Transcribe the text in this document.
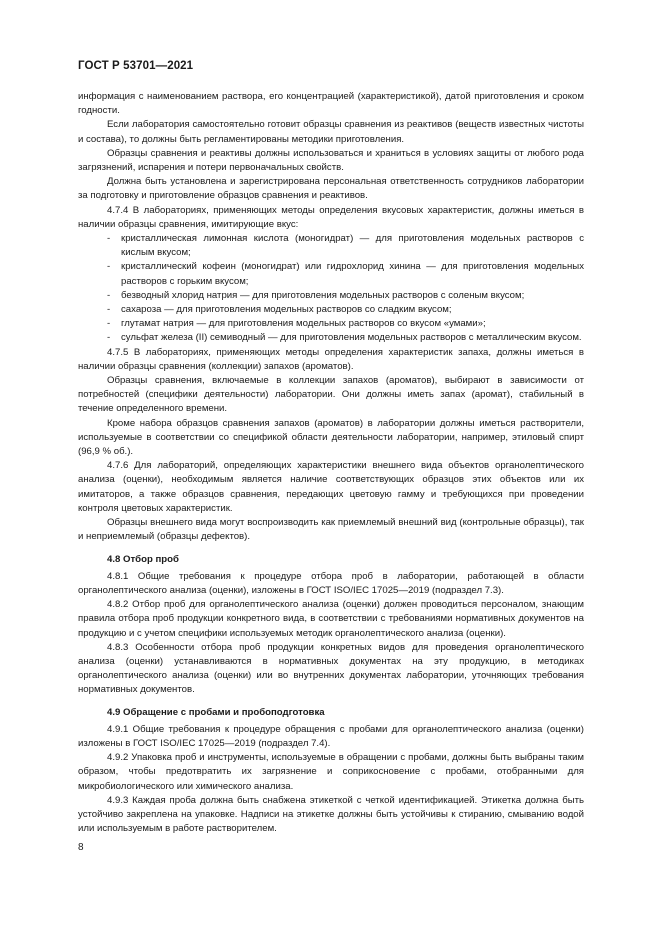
ГОСТ Р 53701—2021

информация с наименованием раствора, его концентрацией (характеристикой), датой приготовления и сроком годности.

Если лаборатория самостоятельно готовит образцы сравнения из реактивов (веществ известных чистоты и состава), то должны быть регламентированы методики приготовления.

Образцы сравнения и реактивы должны использоваться и храниться в условиях защиты от любого рода загрязнений, испарения и потери первоначальных свойств.

Должна быть установлена и зарегистрирована персональная ответственность сотрудников лаборатории за подготовку и приготовление образцов сравнения и реактивов.

4.7.4 В лабораториях, применяющих методы определения вкусовых характеристик, должны иметься в наличии образцы сравнения, имитирующие вкус:

- кристаллическая лимонная кислота (моногидрат) — для приготовления модельных растворов с кислым вкусом;

- кристаллический кофеин (моногидрат) или гидрохлорид хинина — для приготовления модельных растворов с горьким вкусом;

- безводный хлорид натрия — для приготовления модельных растворов с соленым вкусом;

- сахароза — для приготовления модельных растворов со сладким вкусом;

- глутамат натрия — для приготовления модельных растворов со вкусом «умами»;

- сульфат железа (II) семиводный — для приготовления модельных растворов с металлическим вкусом.

4.7.5 В лабораториях, применяющих методы определения характеристик запаха, должны иметься в наличии образцы сравнения (коллекции) запахов (ароматов).

Образцы сравнения, включаемые в коллекции запахов (ароматов), выбирают в зависимости от потребностей (специфики деятельности) лаборатории. Они должны иметь запах (аромат), стабильный в течение определенного времени.

Кроме набора образцов сравнения запахов (ароматов) в лаборатории должны иметься растворители, используемые в соответствии со спецификой области деятельности лаборатории, например, этиловый спирт (96,9 % об.).

4.7.6 Для лабораторий, определяющих характеристики внешнего вида объектов органолептического анализа (оценки), необходимым является наличие соответствующих образцов этих объектов или их имитаторов, а также образцов сравнения, передающих цветовую гамму и требующихся при проведении контроля цветовых характеристик.

Образцы внешнего вида могут воспроизводить как приемлемый внешний вид (контрольные образцы), так и неприемлемый (образцы дефектов).

4.8 Отбор проб

4.8.1 Общие требования к процедуре отбора проб в лаборатории, работающей в области органолептического анализа (оценки), изложены в ГОСТ ISO/IEC 17025—2019 (подраздел 7.3).

4.8.2 Отбор проб для органолептического анализа (оценки) должен проводиться персоналом, знающим правила отбора проб продукции конкретного вида, в соответствии с требованиями нормативных документов на продукцию и с учетом специфики используемых методик органолептического анализа (оценки).

4.8.3 Особенности отбора проб продукции конкретных видов для проведения органолептического анализа (оценки) устанавливаются в нормативных документах на эту продукцию, в методиках органолептического анализа (оценки) или во внутренних документах лаборатории, уточняющих требования нормативных документов.

4.9 Обращение с пробами и пробоподготовка

4.9.1 Общие требования к процедуре обращения с пробами для органолептического анализа (оценки) изложены в ГОСТ ISO/IEC 17025—2019 (подраздел 7.4).

4.9.2 Упаковка проб и инструменты, используемые в обращении с пробами, должны быть выбраны таким образом, чтобы предотвратить их загрязнение и соприкосновение с пробами, отобранными для микробиологического или химического анализа.

4.9.3 Каждая проба должна быть снабжена этикеткой с четкой идентификацией. Этикетка должна быть устойчиво закреплена на упаковке. Надписи на этикетке должны быть устойчивы к стиранию, смыванию водой или используемым в работе растворителем.

8
